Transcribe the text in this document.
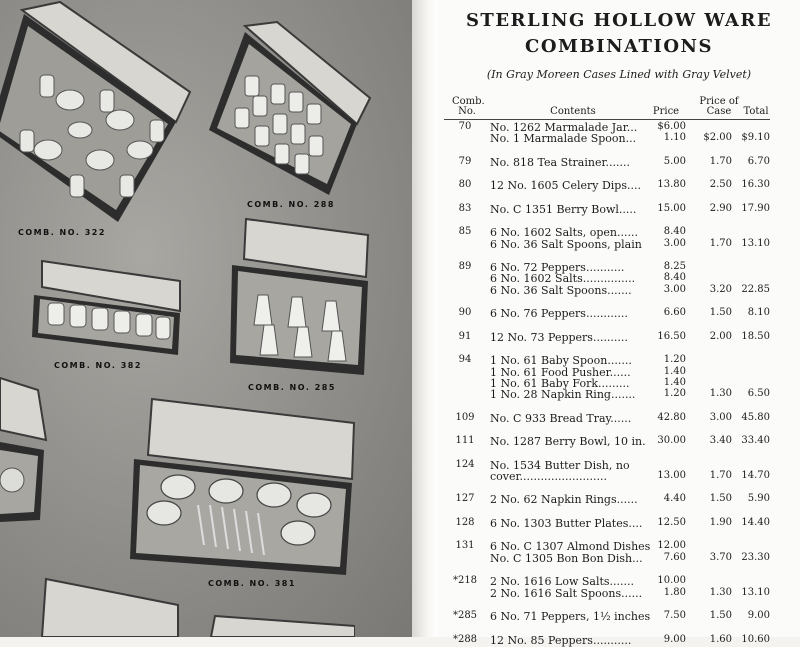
COMB. NO. 322
COMB. NO. 288
COMB. NO. 382
COMB. NO. 285
COMB. NO. 381
STERLING HOLLOW WARE
COMBINATIONS
(In Gray Moreen Cases Lined with Gray Velvet)
Comb.
No.	Contents	Price
Price of
Case	Total
70	No. 1262 Marmalade Jar...	$6.00
No. 1 Marmalade Spoon...	1.10	$2.00 $9.10
79	No. 818 Tea Strainer.......	5.00	1.70	6.70
80	12 No. 1605 Celery Dips....	13.80	2.50 16.30
83	No. C 1351 Berry Bowl.....	15.00	2.90 17.90
85	6 No. 1602 Salts, open......	8.40
6 No. 36 Salt Spoons, plain	3.00	1.70 13.10
89	6 No. 72 Peppers...........	8.25
6 No. 1602 Salts...............	8.40
6 No. 36 Salt Spoons.......	3.00	3.20 22.85
90	6 No. 76 Peppers............	6.60	1.50	8.10
91	12 No. 73 Peppers..........	16.50	2.00 18.50
94	1 No. 61 Baby Spoon.......	1.20
1 No. 61 Food Pusher......	1.40
1 No. 61 Baby Fork.........	1.40
1 No. 28 Napkin Ring.......	1.20	1.30	6.50
109	No. C 933 Bread Tray......	42.80	3.00 45.80
111	No. 1287 Berry Bowl, 10 in.	30.00	3.40 33.40
124	No. 1534 Butter Dish, no
cover.........................	13.00	1.70 14.70
127	2 No. 62 Napkin Rings......	4.40	1.50	5.90
128	6 No. 1303 Butter Plates....	12.50	1.90 14.40
131	6 No. C 1307 Almond Dishes 12.00
No. C 1305 Bon Bon Dish...	7.60	3.70 23.30
*218	2 No. 1616 Low Salts.......	10.00
2 No. 1616 Salt Spoons......	1.80	1.30 13.10
*285	6 No. 71 Peppers, 1½ inches	7.50	1.50	9.00
*288	12 No. 85 Peppers...........	9.00	1.60 10.60
